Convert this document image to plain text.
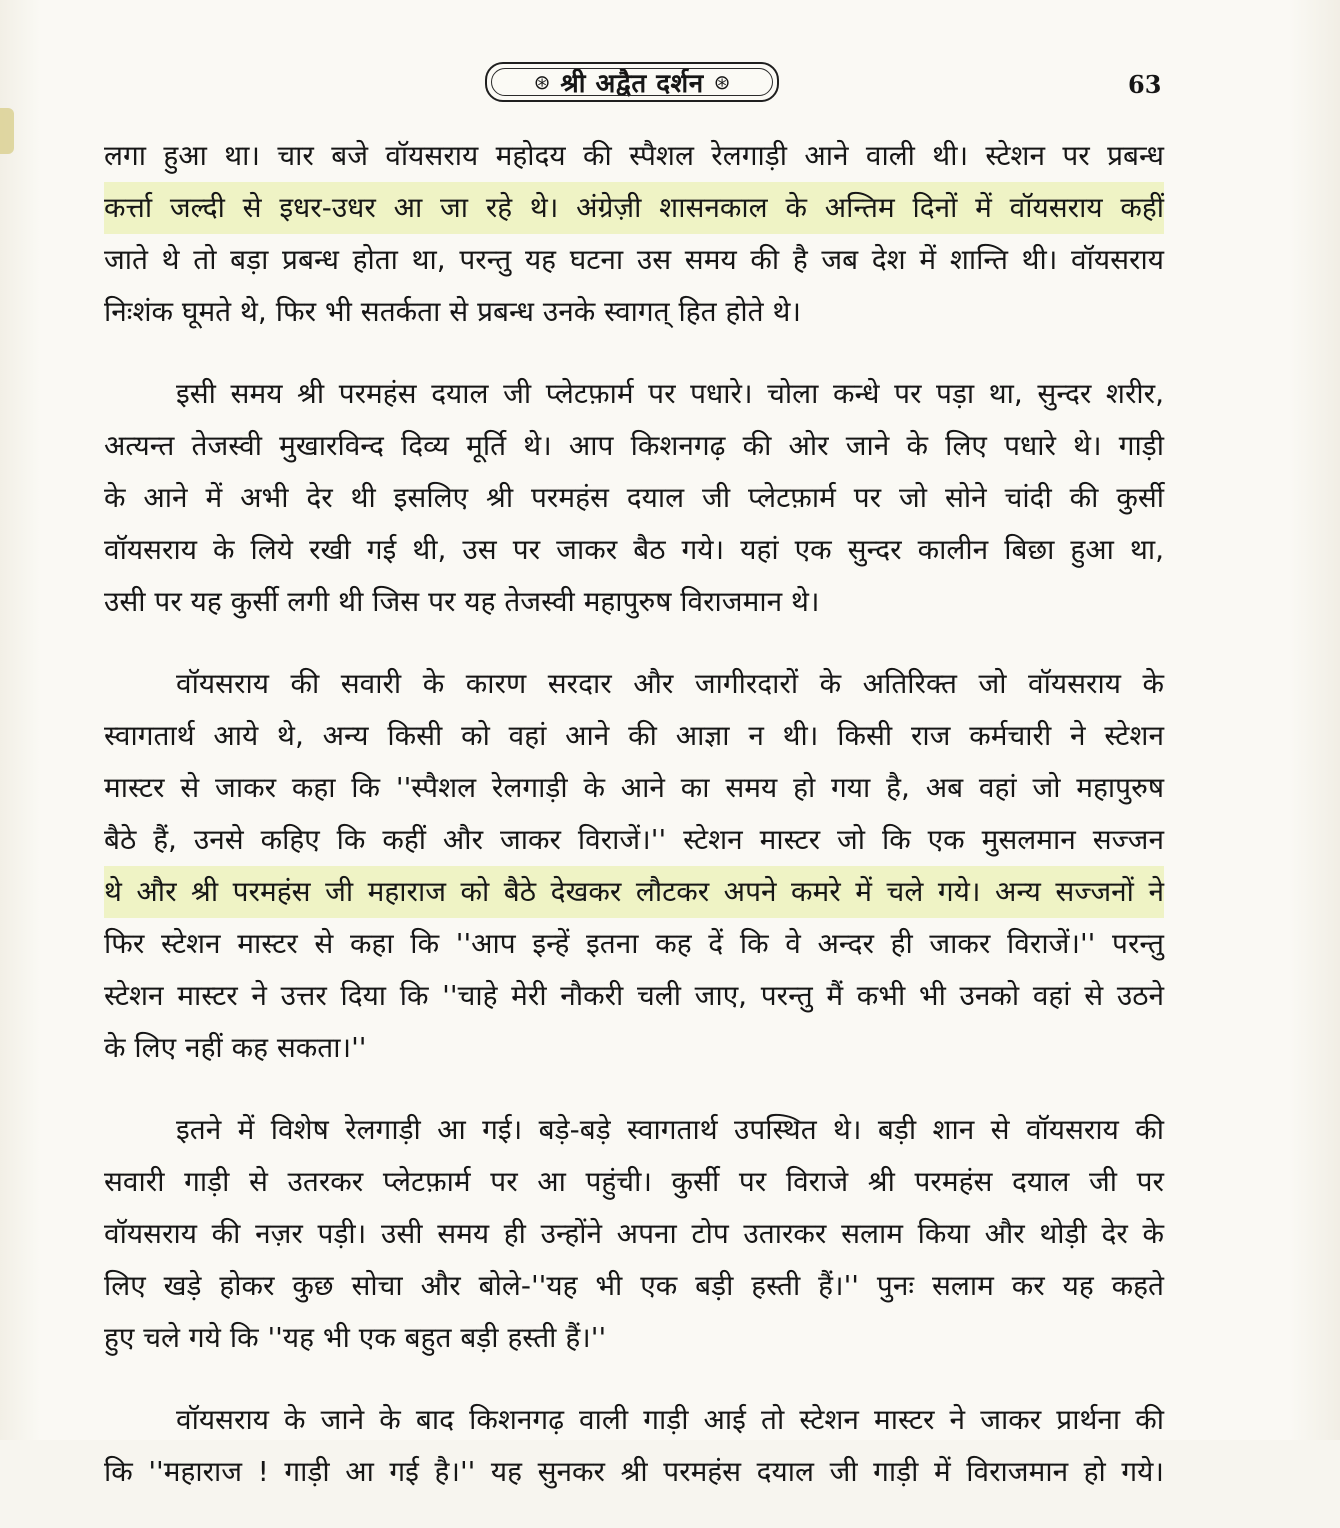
⊛ श्री अद्वैत दर्शन ⊛	63

लगा हुआ था। चार बजे वॉयसराय महोदय की स्पैशल रेलगाड़ी आने वाली थी। स्टेशन पर प्रबन्ध
कर्त्ता जल्दी से इधर-उधर आ जा रहे थे। अंग्रेज़ी शासनकाल के अन्तिम दिनों में वॉयसराय कहीं
जाते थे तो बड़ा प्रबन्ध होता था, परन्तु यह घटना उस समय की है जब देश में शान्ति थी। वॉयसराय
निःशंक घूमते थे, फिर भी सतर्कता से प्रबन्ध उनके स्वागत् हित होते थे।

इसी समय श्री परमहंस दयाल जी प्लेटफ़ार्म पर पधारे। चोला कन्धे पर पड़ा था, सुन्दर शरीर,
अत्यन्त तेजस्वी मुखारविन्द दिव्य मूर्ति थे। आप किशनगढ़ की ओर जाने के लिए पधारे थे। गाड़ी
के आने में अभी देर थी इसलिए श्री परमहंस दयाल जी प्लेटफ़ार्म पर जो सोने चांदी की कुर्सी
वॉयसराय के लिये रखी गई थी, उस पर जाकर बैठ गये। यहां एक सुन्दर कालीन बिछा हुआ था,
उसी पर यह कुर्सी लगी थी जिस पर यह तेजस्वी महापुरुष विराजमान थे।

वॉयसराय की सवारी के कारण सरदार और जागीरदारों के अतिरिक्त जो वॉयसराय के
स्वागतार्थ आये थे, अन्य किसी को वहां आने की आज्ञा न थी। किसी राज कर्मचारी ने स्टेशन
मास्टर से जाकर कहा कि ''स्पैशल रेलगाड़ी के आने का समय हो गया है, अब वहां जो महापुरुष
बैठे हैं, उनसे कहिए कि कहीं और जाकर विराजें।'' स्टेशन मास्टर जो कि एक मुसलमान सज्जन
थे और श्री परमहंस जी महाराज को बैठे देखकर लौटकर अपने कमरे में चले गये। अन्य सज्जनों ने
फिर स्टेशन मास्टर से कहा कि ''आप इन्हें इतना कह दें कि वे अन्दर ही जाकर विराजें।'' परन्तु
स्टेशन मास्टर ने उत्तर दिया कि ''चाहे मेरी नौकरी चली जाए, परन्तु मैं कभी भी उनको वहां से उठने
के लिए नहीं कह सकता।''

इतने में विशेष रेलगाड़ी आ गई। बड़े-बड़े स्वागतार्थ उपस्थित थे। बड़ी शान से वॉयसराय की
सवारी गाड़ी से उतरकर प्लेटफ़ार्म पर आ पहुंची। कुर्सी पर विराजे श्री परमहंस दयाल जी पर
वॉयसराय की नज़र पड़ी। उसी समय ही उन्होंने अपना टोप उतारकर सलाम किया और थोड़ी देर के
लिए खड़े होकर कुछ सोचा और बोले-''यह भी एक बड़ी हस्ती हैं।'' पुनः सलाम कर यह कहते
हुए चले गये कि ''यह भी एक बहुत बड़ी हस्ती हैं।''

वॉयसराय के जाने के बाद किशनगढ़ वाली गाड़ी आई तो स्टेशन मास्टर ने जाकर प्रार्थना की
कि ''महाराज ! गाड़ी आ गई है।'' यह सुनकर श्री परमहंस दयाल जी गाड़ी में विराजमान हो गये।
